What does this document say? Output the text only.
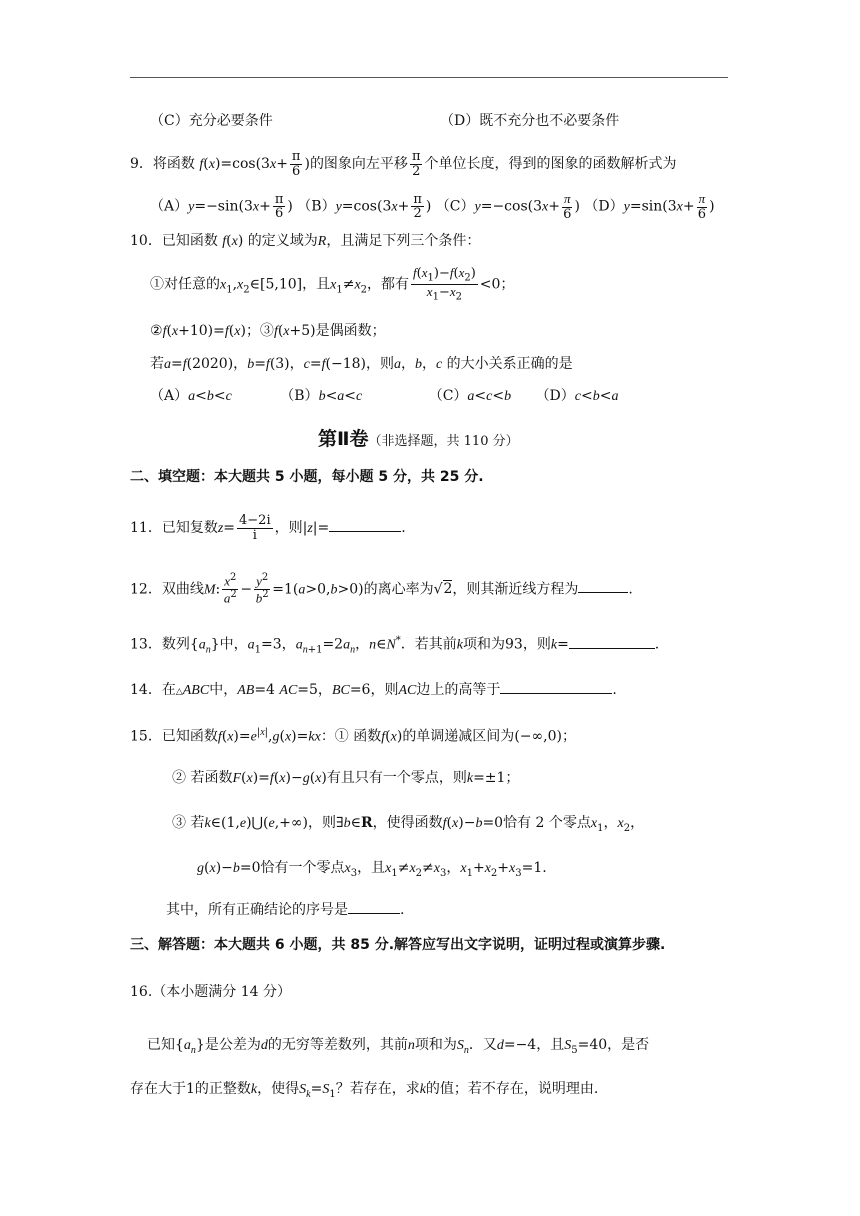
（C）充分必要条件	（D）既不充分也不必要条件
9．将函数 $f(x)=\cos(3x+ \frac{\pi}{6}$ )的图象向左平移 $\frac{\pi}{2}$ 个单位长度，得到的图象的函数解析式为
$(A)y=-\sin(3x+ \frac{\pi}{6}$ ) $(B)y=\cos(3x+ \frac{\pi}{2}$ ) $(C)y=-\cos(3x+ \frac{\pi}{6}$ ) $(D)y=\sin(3x+ \frac{\pi}{6}$ )
10．已知函数 f(x) 的定义域为R，且满足下列三个条件：
①对任意的$x_1,x_2\in[5,10]$，且$x_1\ne x_2$，都有 $\frac{f(x_1)-f(x_2)}{x_1-x_2} <0$；
②f(x+10)=f(x)；③f(x+5)是偶函数；
若a=f(2020)，b=f(3)，c=f(−18)，则a，b，c 的大小关系正确的是
（A）a<b<c	（B）b<a<c	（C）a<c<b （D）c<b<a
第Ⅱ卷（非选择题，共 110 分）
二、填空题：本大题共 5 小题，每小题 5 分，共 25 分.
11．已知复数$z= \frac{4-2i}{i}$ ，则|z|=	.
12．双曲线M: $\frac{x^2}{a^2} - \frac{y^2}{b^2} =1(a>0,b>0)$的离心率为√2，则其渐近线方程为	.
13．数列$\{a_n\}$中，$a_1=3$，$a_{n+1}=2a_n$，n∈N*．若其前k项和为93，则k=	.
14．在△ABC中，AB=4 AC=5，BC=6，则AC边上的高等于	.
15．已知函数$f(x)=e^{|x|},g(x)=kx$：① 函数f(x)的单调递减区间为(−∞,0)；
② 若函数F(x)=f(x)−g(x)有且只有一个零点，则k=±1；
③ 若k∈(1,e)⋃(e,+∞)，则∃b∈R，使得函数f(x)−b=0恰有 2 个零点$x_1$，$x_2$，
g(x)−b=0恰有一个零点$x_3$，且$x_1\ne x_2\ne x_3$，$x_1+x_2+x_3=1$.
其中，所有正确结论的序号是	.
三、解答题：本大题共 6 小题，共 85 分.解答应写出文字说明，证明过程或演算步骤.
16.（本小题满分 14 分）
已知$\{a_n\}$是公差为d的无穷等差数列，其前n项和为$S_n$．又d=−4，且$S_5=40$，是否
存在大于1的正整数k，使得$S_k=S_1$？若存在，求k的值；若不存在，说明理由.
